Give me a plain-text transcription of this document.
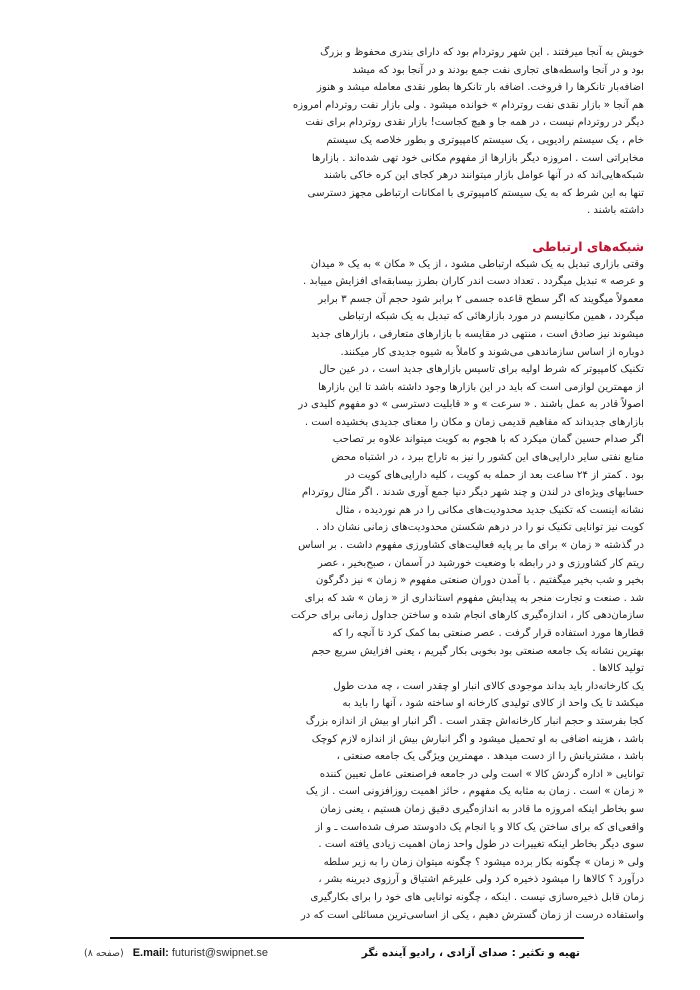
خویش به آنجا میرفتند . این شهر روتردام بود که دارای بندری محفوظ و بزرگ
بود و در آنجا واسطه‌های تجاری نفت جمع بودند و در آنجا بود که میشد
اضافه‌بار تانکرها را فروخت. اضافه بار تانکرها بطور نقدی معامله میشد و هنوز
هم آنجا « بازار نقدی نفت روتردام » خوانده میشود . ولی بازار نفت روتردام امروزه
دیگر در روتردام نیست ، در همه جا و هیچ کجاست! بازار نقدی روتردام برای نفت
خام ، یک سیستم رادیویی ، یک سیستم کامپیوتری و بطور خلاصه یک سیستم
مخابراتی است . امروزه دیگر بازارها از مفهوم مکانی خود تهی شده‌اند . بازارها
شبکه‌هایی‌اند که در آنها عوامل بازار میتوانند درهر کجای این کره خاکی باشند
تنها به این شرط که به یک سیستم کامپیوتری با امکانات ارتباطی مجهز دسترسی
داشته باشند .
شبکه‌های ارتباطی
وقتی بازاری تبدیل به یک شبکه ارتباطی مشود ، از یک « مکان » به یک « میدان
و عرصه » تبدیل میگردد . تعداد دست اندر کاران بطرز بیسابقه‌ای افزایش مییابد .
معمولاً میگویند که اگر سطح قاعده جسمی ۲ برابر شود حجم آن جسم ۳ برابر
میگردد ، همین مکانیسم در مورد بازارهائی که تبدیل به یک شبکه ارتباطی
میشوند نیز صادق است ، منتهی در مقایسه با بازارهای متعارفی ، بازارهای جدید
دوباره از اساس سازماندهی می‌شوند و کاملاً به شیوه جدیدی کار میکنند.
تکنیک کامپیوتر که شرط اولیه برای تاسیس بازارهای جدید است ، در عین حال
از مهمترین لوازمی است که باید در این بازارها وجود داشته باشد تا این بازارها
اصولاً قادر به عمل باشند . « سرعت » و « قابلیت دسترسی » دو مفهوم کلیدی در
بازارهای جدیداند که مفاهیم قدیمی زمان و مکان را معنای جدیدی بخشیده است .
اگر صدام حسین گمان میکرد که با هجوم به کویت میتواند علاوه بر تصاحب
منابع نفتی سایر دارایی‌های این کشور را نیز به تاراج ببرد ، در اشتباه محض
بود . کمتر از ۲۴ ساعت بعد از حمله به کویت ، کلیه دارایی‌های کویت در
حسابهای ویژه‌ای در لندن و چند شهر دیگر دنیا جمع آوری شدند . اگر مثال روتردام
نشانه اینست که تکنیک جدید محدودیت‌های مکانی را در هم نوردیده ، مثال
کویت نیز توانایی تکنیک نو را در درهم شکستن محدودیت‌های زمانی نشان داد .
در گذشته « زمان » برای ما بر پایه فعالیت‌های کشاورزی مفهوم داشت . بر اساس
ریتم کار کشاورزی و در رابطه با وضعیت خورشید در آسمان ، صبح‌بخیر ، عصر
بخیر و شب بخیر میگفتیم . با آمدن دوران صنعتی مفهوم « زمان » نیز دگرگون
شد . صنعت و تجارت منجر به پیدایش مفهوم استانداری از « زمان » شد که برای
سازمان‌دهی کار ، اندازه‌گیری کارهای انجام شده و ساختن جداول زمانی برای حرکت
قطارها مورد استفاده قرار گرفت . عصر صنعتی بما کمک کرد تا آنچه را که
بهترین نشانه یک جامعه صنعتی بود بخوبی بکار گیریم ، یعنی افزایش سریع حجم
تولید کالاها .
یک کارخانه‌دار باید بداند موجودی کالای انبار او چقدر است ، چه مدت طول
میکشد تا یک واحد از کالای تولیدی کارخانه او ساخته شود ، آنها را باید به
کجا بفرستد و حجم انبار کارخانه‌اش چقدر است . اگر انبار او بیش از اندازه بزرگ
باشد ، هزینه اضافی به او تحمیل میشود و اگر انبارش بیش از اندازه لازم کوچک
باشد ، مشتریانش را از دست میدهد . مهمترین ویژگی یک جامعه صنعتی ،
توانایی « اداره گردش کالا » است ولی در جامعه فراصنعتی عامل تعیین کننده
« زمان » است . زمان به مثابه یک مفهوم ، حائز اهمیت روزافزونی است . از یک
سو بخاطر اینکه امروزه ما قادر به اندازه‌گیری دقیق زمان هستیم ، یعنی زمان
واقعی‌ای که برای ساختن یک کالا و یا انجام یک دادوستد صرف شده‌است ـ و از
سوی دیگر بخاطر اینکه تغییرات در طول واحد زمان اهمیت زیادی یافته است .
ولی « زمان » چگونه بکار برده میشود ؟ چگونه میتوان زمان را به زیر سلطه
درآورد ؟ کالاها را میشود ذخیره کرد ولی علیرغم اشتیاق و آرزوی دیرینه بشر ،
زمان قابل ذخیره‌سازی نیست . اینکه ، چگونه توانایی های خود را برای بکارگیری
واستفاده درست از زمان گسترش دهیم ، یکی از اساسی‌ترین مسائلی است که در
(صفحه ۸) E.mail: futurist@swipnet.se	تهیه و تکثیر : صدای آزادی ، رادیو آینده نگر
